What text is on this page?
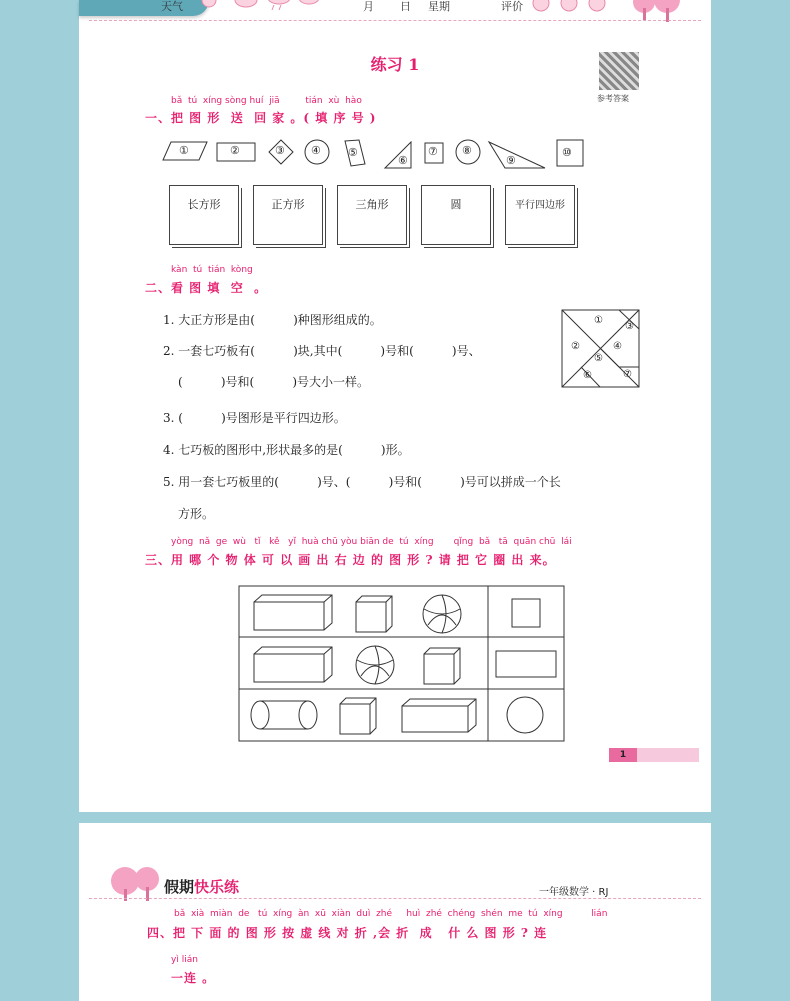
天气	月 日 星期	评价
练习 1
参考答案
bǎ  tú  xíng sòng huí  jiā         tián  xù  hào
一、把 图 形  送  回 家 。( 填 序 号 )
①	②	③ ④ ⑤
⑥
⑦ ⑧
⑨
⑩
长方形	正方形	三角形	圆	平行四边形
kàn  tú  tián  kòng
二、看 图 填  空  。
1. 大正方形是由(          )种图形组成的。
2. 一套七巧板有(          )块,其中(          )号和(          )号、
(          )号和(          )号大小一样。
3. (          )号图形是平行四边形。
4. 七巧板的图形中,形状最多的是(          )形。
5. 用一套七巧板里的(          )号、(          )号和(          )号可以拼成一个长
方形。
①
③
②	④
⑤
⑥	⑦
yòng  nǎ  ge  wù   tǐ   kě   yǐ  huà chū yòu biān de  tú  xíng       qǐng  bǎ   tā  quān chū  lái
三、用 哪 个 物 体 可 以 画 出 右 边 的 图 形 ? 请 把 它 圈 出 来。
1
假期快乐练	一年级数学 · RJ
bǎ  xià  miàn  de   tú  xíng  àn  xū  xiàn  duì  zhé     huì  zhé  chéng  shén  me  tú  xíng          lián
四、把 下 面 的 图 形 按 虚 线 对 折 ,会 折  成   什 么 图 形 ? 连
yì lián
一连 。
